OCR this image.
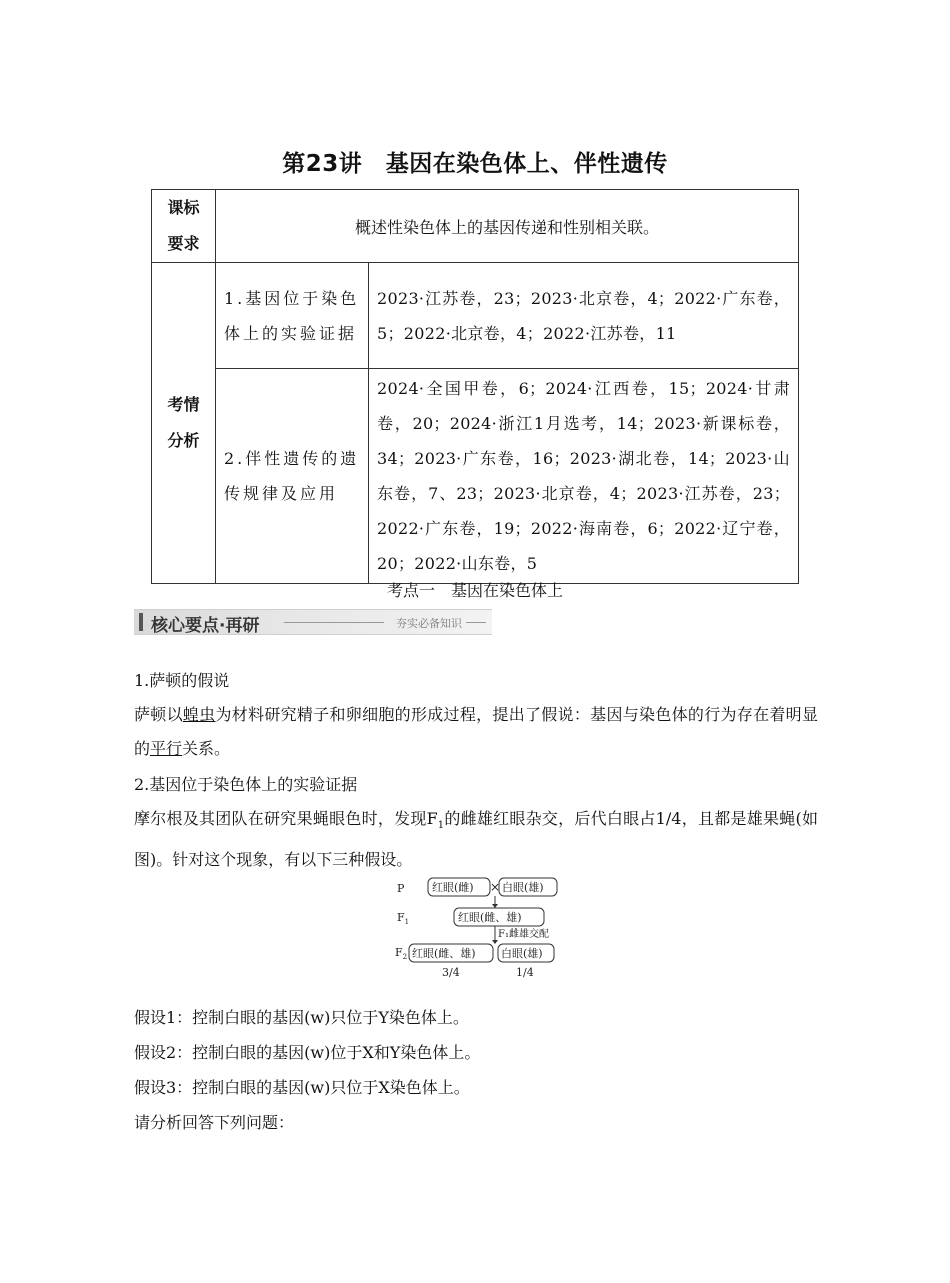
第23讲　基因在染色体上、伴性遗传
课标要求	概述性染色体上的基因传递和性别相关联。	

考情分析	1.基因位于染色体上的实验证据	2023·江苏卷，23；2023·北京卷，4；2022·广东卷，5；2022·北京卷，4；2022·江苏卷，11
	2.伴性遗传的遗传规律及应用	2024·全国甲卷，6；2024·江西卷，15；2024·甘肃卷，20；2024·浙江1月选考，14；2023·新课标卷，34；2023·广东卷，16；2023·湖北卷，14；2023·山东卷，7、23；2023·北京卷，4；2023·江苏卷，23；2022·广东卷，19；2022·海南卷，6；2022·辽宁卷，20；2022·山东卷，5
考点一　基因在染色体上
核心要点·再研	夯实必备知识
1.萨顿的假说
萨顿以蝗虫为材料研究精子和卵细胞的形成过程，提出了假说：基因与染色体的行为存在着明显的平行关系。
2.基因位于染色体上的实验证据
摩尔根及其团队在研究果蝇眼色时，发现$F_1$的雌雄红眼杂交，后代白眼占1/4，且都是雄果蝇(如图)。针对这个现象，有以下三种假设。
P	红眼(雌) × 白眼(雄)
$F_1$	红眼(雌、雄)
F₁雌雄交配
$F_2$ 红眼(雌、雄) 白眼(雄)
3/4	1/4
假设1：控制白眼的基因(w)只位于Y染色体上。
假设2：控制白眼的基因(w)位于X和Y染色体上。
假设3：控制白眼的基因(w)只位于X染色体上。
请分析回答下列问题：
